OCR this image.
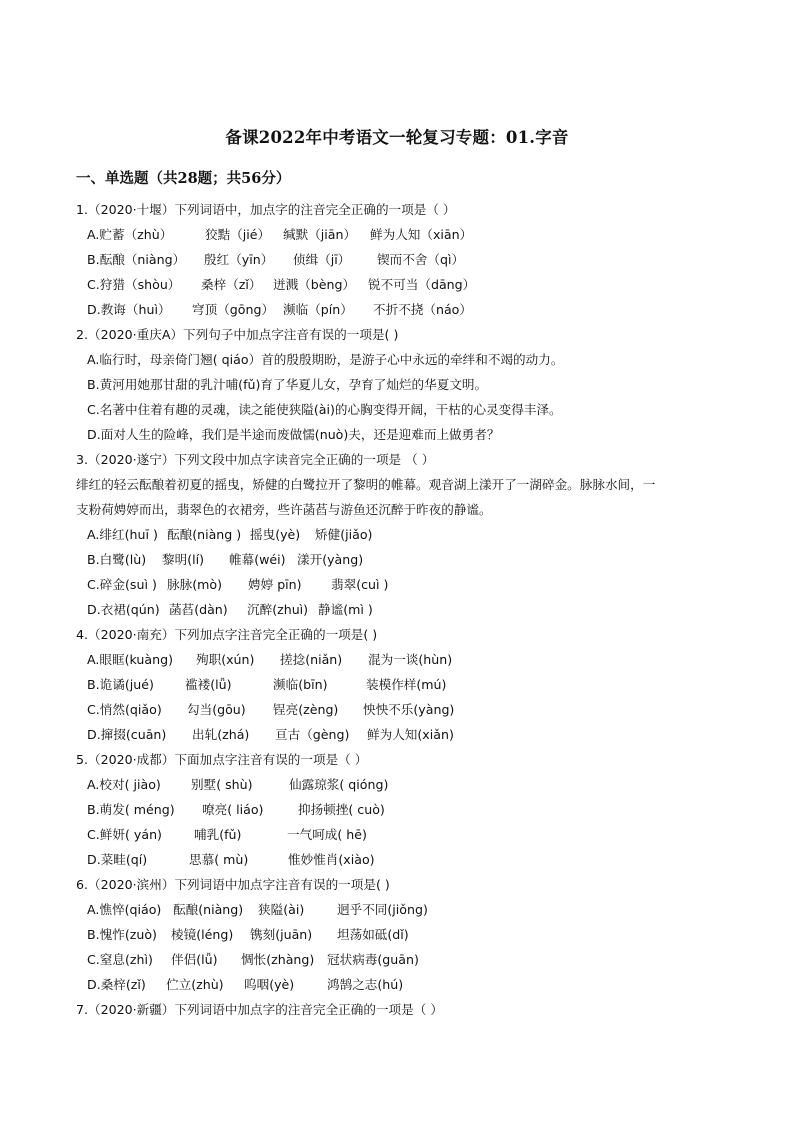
备课2022年中考语文一轮复习专题：01.字音
一、单选题（共28题；共56分）
1.（2020·十堰）下列词语中，加点字的注音完全正确的一项是（ ）
A.贮蓄（zhù）	狡黠（jié） 缄默（jiān） 鲜为人知（xiān）
B.酝酿（niàng） 殷红（yīn） 侦缉（jī） 锲而不舍（qì）
C.狩猎（shòu） 桑梓（zǐ） 迸溅（bèng） 锐不可当（dāng）
D.教诲（huì） 穹顶（gōng） 濒临（pín） 不折不挠（náo）
2.（2020·重庆A）下列句子中加点字注音有误的一项是( )
A.临行时，母亲倚门翘( qiáo）首的殷殷期盼，是游子心中永远的牵绊和不竭的动力。
B.黄河用她那甘甜的乳汁哺(fǔ)育了华夏儿女，孕育了灿烂的华夏文明。
C.名著中住着有趣的灵魂，读之能使狭隘(ài)的心胸变得开阔，干枯的心灵变得丰泽。
D.面对人生的险峰，我们是半途而废做懦(nuò)夫，还是迎难而上做勇者？
3.（2020·遂宁）下列文段中加点字读音完全正确的一项是 （ ）
绯红的轻云酝酿着初夏的摇曳，矫健的白鹭拉开了黎明的帷幕。观音湖上漾开了一湖碎金。脉脉水间，一
支粉荷娉婷而出，翡翠色的衣裙旁，些许菡萏与游鱼还沉醉于昨夜的静谧。
A.绯红(huī ) 酝酿(niàng ) 摇曳(yè) 矫健(jiǎo)
B.白鹭(lù) 黎明(lí) 帷幕(wéi) 漾开(yàng)
C.碎金(suì ) 脉脉(mò) 娉婷 pīn) 翡翠(cuì )
D.衣裙(qún) 菡萏(dàn) 沉醉(zhuì) 静谧(mì )
4.（2020·南充）下列加点字注音完全正确的一项是( )
A.眼眶(kuàng) 殉职(xún) 搓捻(niǎn) 混为一谈(hùn)
B.诡谲(jué) 褴褛(lǚ)	濒临(bīn)	装模作样(mú)
C.悄然(qiǎo) 勾当(gōu) 锃亮(zèng) 怏怏不乐(yàng)
D.撺掇(cuān) 出轧(zhá) 亘古（gèng) 鲜为人知(xiǎn)
5.（2020·成都）下面加点字注音有误的一项是（ ）
A.校对( jiào) 别墅( shù)	仙露琼浆( qióng)
B.萌发( méng) 嘹亮( liáo)	抑扬顿挫( cuò)
C.鲜妍( yán)	哺乳(fǔ)	一气呵成( hē)
D.菜畦(qí)	思慕( mù)	惟妙惟肖(xiào)
6.（2020·滨州）下列词语中加点字注音有误的一项是( )
A.憔悴(qiáo) 酝酿(niàng) 狭隘(ài)	迥乎不同(jiǒng)
B.愧怍(zuò) 棱镜(léng) 镌刻(juān) 坦荡如砥(dǐ)
C.窒息(zhì) 伴侣(lǚ) 惆怅(zhàng) 冠状病毒(guān)
D.桑梓(zǐ) 伫立(zhù) 呜咽(yè)	鸿鹄之志(hú)
7.（2020·新疆）下列词语中加点字的注音完全正确的一项是（ ）
